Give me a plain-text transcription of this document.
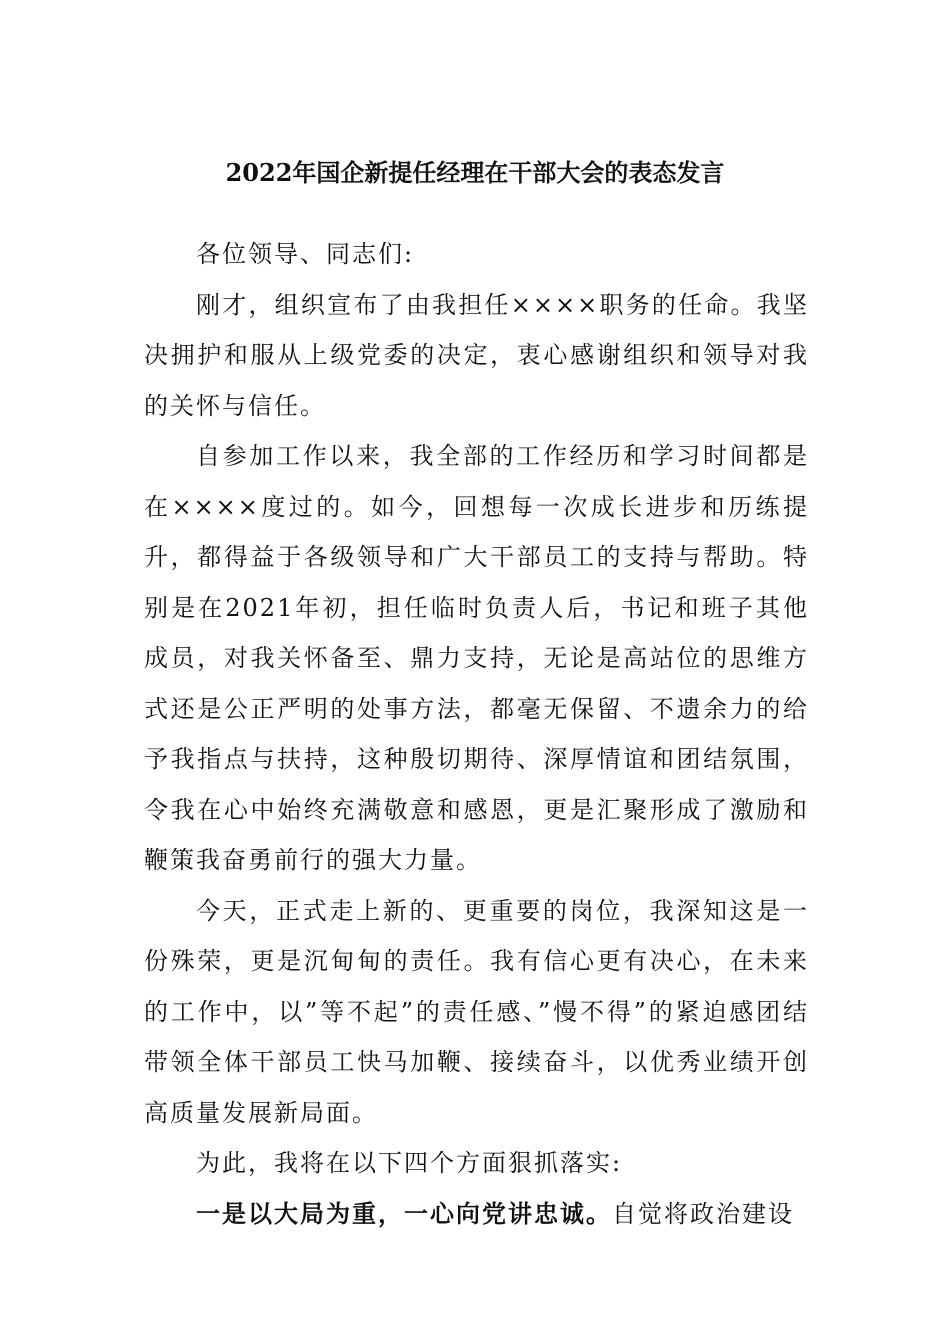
2022年国企新提任经理在干部大会的表态发言

各位领导、同志们:

刚才，组织宣布了由我担任××××职务的任命。我坚决拥护和服从上级党委的决定，衷心感谢组织和领导对我的关怀与信任。

自参加工作以来，我全部的工作经历和学习时间都是在××××度过的。如今，回想每一次成长进步和历练提升，都得益于各级领导和广大干部员工的支持与帮助。特别是在2021年初，担任临时负责人后，书记和班子其他成员，对我关怀备至、鼎力支持，无论是高站位的思维方式还是公正严明的处事方法，都毫无保留、不遗余力的给予我指点与扶持，这种殷切期待、深厚情谊和团结氛围，令我在心中始终充满敬意和感恩，更是汇聚形成了激励和鞭策我奋勇前行的强大力量。

今天，正式走上新的、更重要的岗位，我深知这是一份殊荣，更是沉甸甸的责任。我有信心更有决心，在未来的工作中，以”等不起”的责任感、”慢不得”的紧迫感团结带领全体干部员工快马加鞭、接续奋斗，以优秀业绩开创高质量发展新局面。

为此，我将在以下四个方面狠抓落实:

一是以大局为重，一心向党讲忠诚。自觉将政治建设
